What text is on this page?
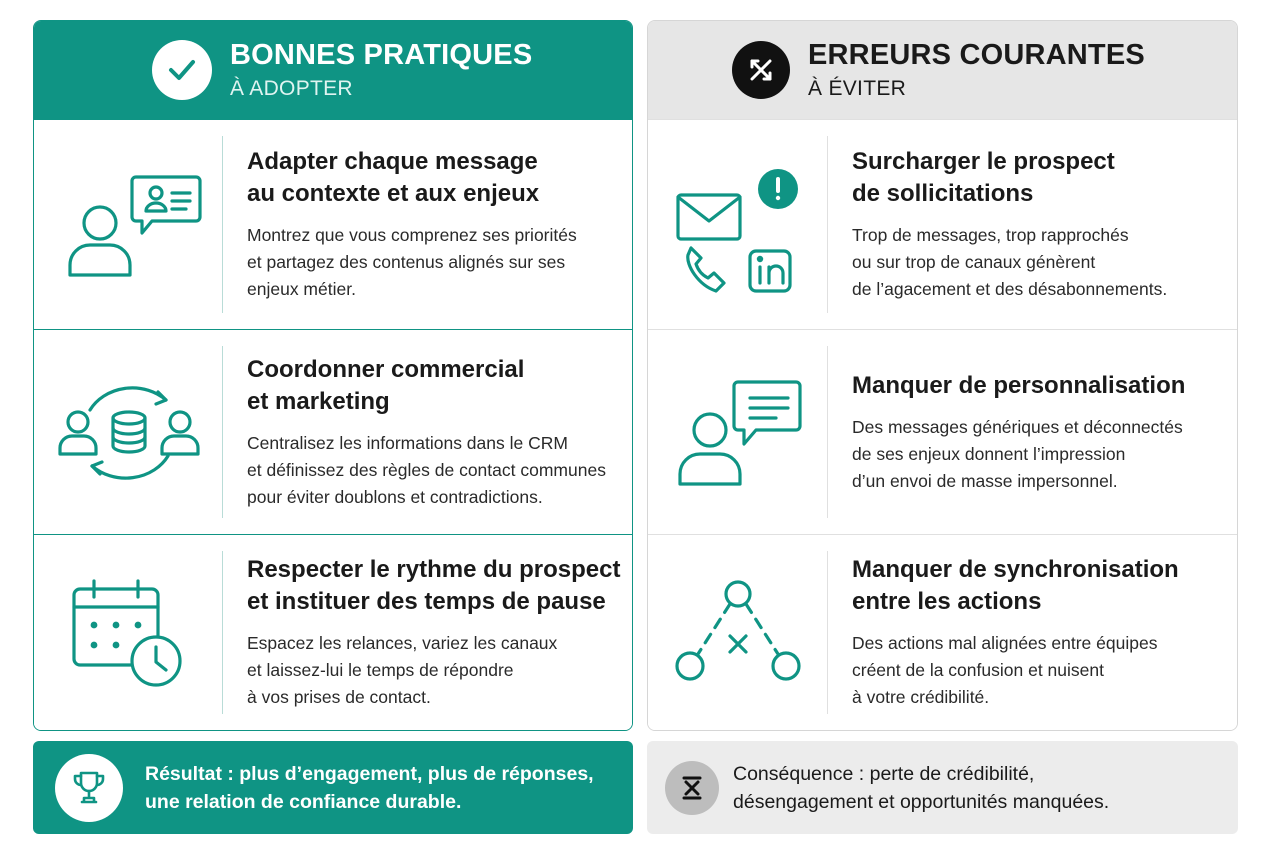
BONNES PRATIQUES
À ADOPTER
Adapter chaque message
au contexte et aux enjeux
Montrez que vous comprenez ses priorités
et partagez des contenus alignés sur ses
enjeux métier.
Coordonner commercial
et marketing
Centralisez les informations dans le CRM
et définissez des règles de contact communes
pour éviter doublons et contradictions.
Respecter le rythme du prospect
et instituer des temps de pause
Espacez les relances, variez les canaux
et laissez-lui le temps de répondre
à vos prises de contact.
ERREURS COURANTES
À ÉVITER
Surcharger le prospect
de sollicitations
Trop de messages, trop rapprochés
ou sur trop de canaux génèrent
de l’agacement et des désabonnements.
Manquer de personnalisation
Des messages génériques et déconnectés
de ses enjeux donnent l’impression
d’un envoi de masse impersonnel.
Manquer de synchronisation
entre les actions
Des actions mal alignées entre équipes
créent de la confusion et nuisent
à votre crédibilité.
Résultat : plus d’engagement, plus de réponses,
une relation de confiance durable.
Conséquence : perte de crédibilité,
désengagement et opportunités manquées.
